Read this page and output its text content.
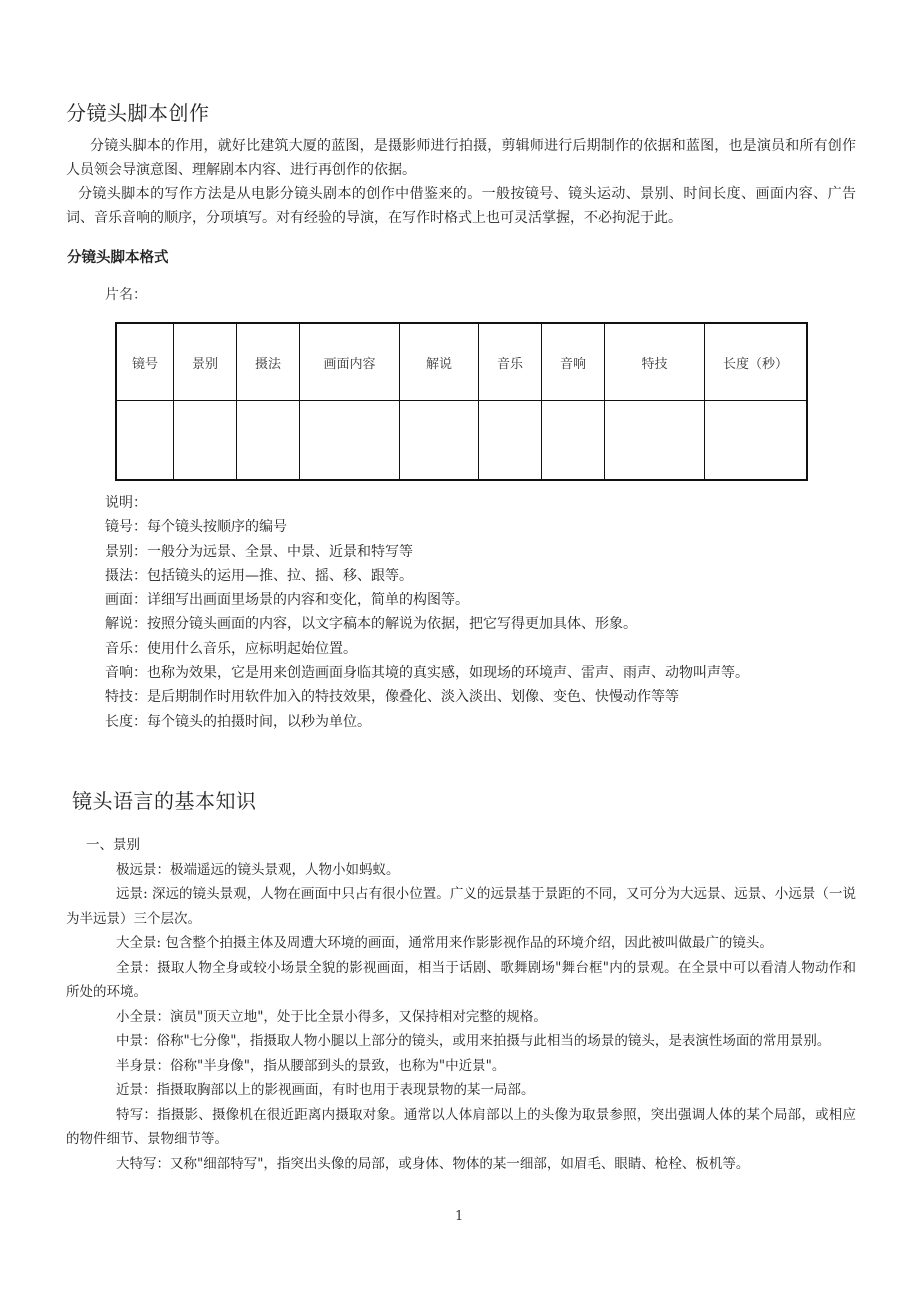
分镜头脚本创作
分镜头脚本的作用，就好比建筑大厦的蓝图，是摄影师进行拍摄，剪辑师进行后期制作的依据和蓝图，也是演员和所有创作人员领会导演意图、理解剧本内容、进行再创作的依据。
分镜头脚本的写作方法是从电影分镜头剧本的创作中借鉴来的。一般按镜号、镜头运动、景别、时间长度、画面内容、广告词、音乐音响的顺序，分项填写。对有经验的导演，在写作时格式上也可灵活掌握，不必拘泥于此。
分镜头脚本格式
片名：
镜号	景别	摄法	画面内容	解说	音乐	音响	特技	长度（秒）

说明：
镜号：每个镜头按顺序的编号
景别：一般分为远景、全景、中景、近景和特写等
摄法：包括镜头的运用—推、拉、摇、移、跟等。
画面：详细写出画面里场景的内容和变化，简单的构图等。
解说：按照分镜头画面的内容，以文字稿本的解说为依据，把它写得更加具体、形象。
音乐：使用什么音乐，应标明起始位置。
音响：也称为效果，它是用来创造画面身临其境的真实感，如现场的环境声、雷声、雨声、动物叫声等。
特技：是后期制作时用软件加入的特技效果，像叠化、淡入淡出、划像、变色、快慢动作等等
长度：每个镜头的拍摄时间，以秒为单位。
镜头语言的基本知识
一、景别
极远景：极端遥远的镜头景观，人物小如蚂蚁。
远景: 深远的镜头景观，人物在画面中只占有很小位置。广义的远景基于景距的不同，又可分为大远景、远景、小远景（一说为半远景）三个层次。
大全景: 包含整个拍摄主体及周遭大环境的画面，通常用来作影影视作品的环境介绍，因此被叫做最广的镜头。
全景：摄取人物全身或较小场景全貌的影视画面，相当于话剧、歌舞剧场"舞台框"内的景观。在全景中可以看清人物动作和所处的环境。
小全景：演员"顶天立地"，处于比全景小得多，又保持相对完整的规格。
中景：俗称"七分像"，指摄取人物小腿以上部分的镜头，或用来拍摄与此相当的场景的镜头，是表演性场面的常用景别。
半身景：俗称"半身像"，指从腰部到头的景致，也称为"中近景"。
近景：指摄取胸部以上的影视画面，有时也用于表现景物的某一局部。
特写：指摄影、摄像机在很近距离内摄取对象。通常以人体肩部以上的头像为取景参照，突出强调人体的某个局部，或相应的物件细节、景物细节等。
大特写：又称"细部特写"，指突出头像的局部，或身体、物体的某一细部，如眉毛、眼睛、枪栓、板机等。
1
